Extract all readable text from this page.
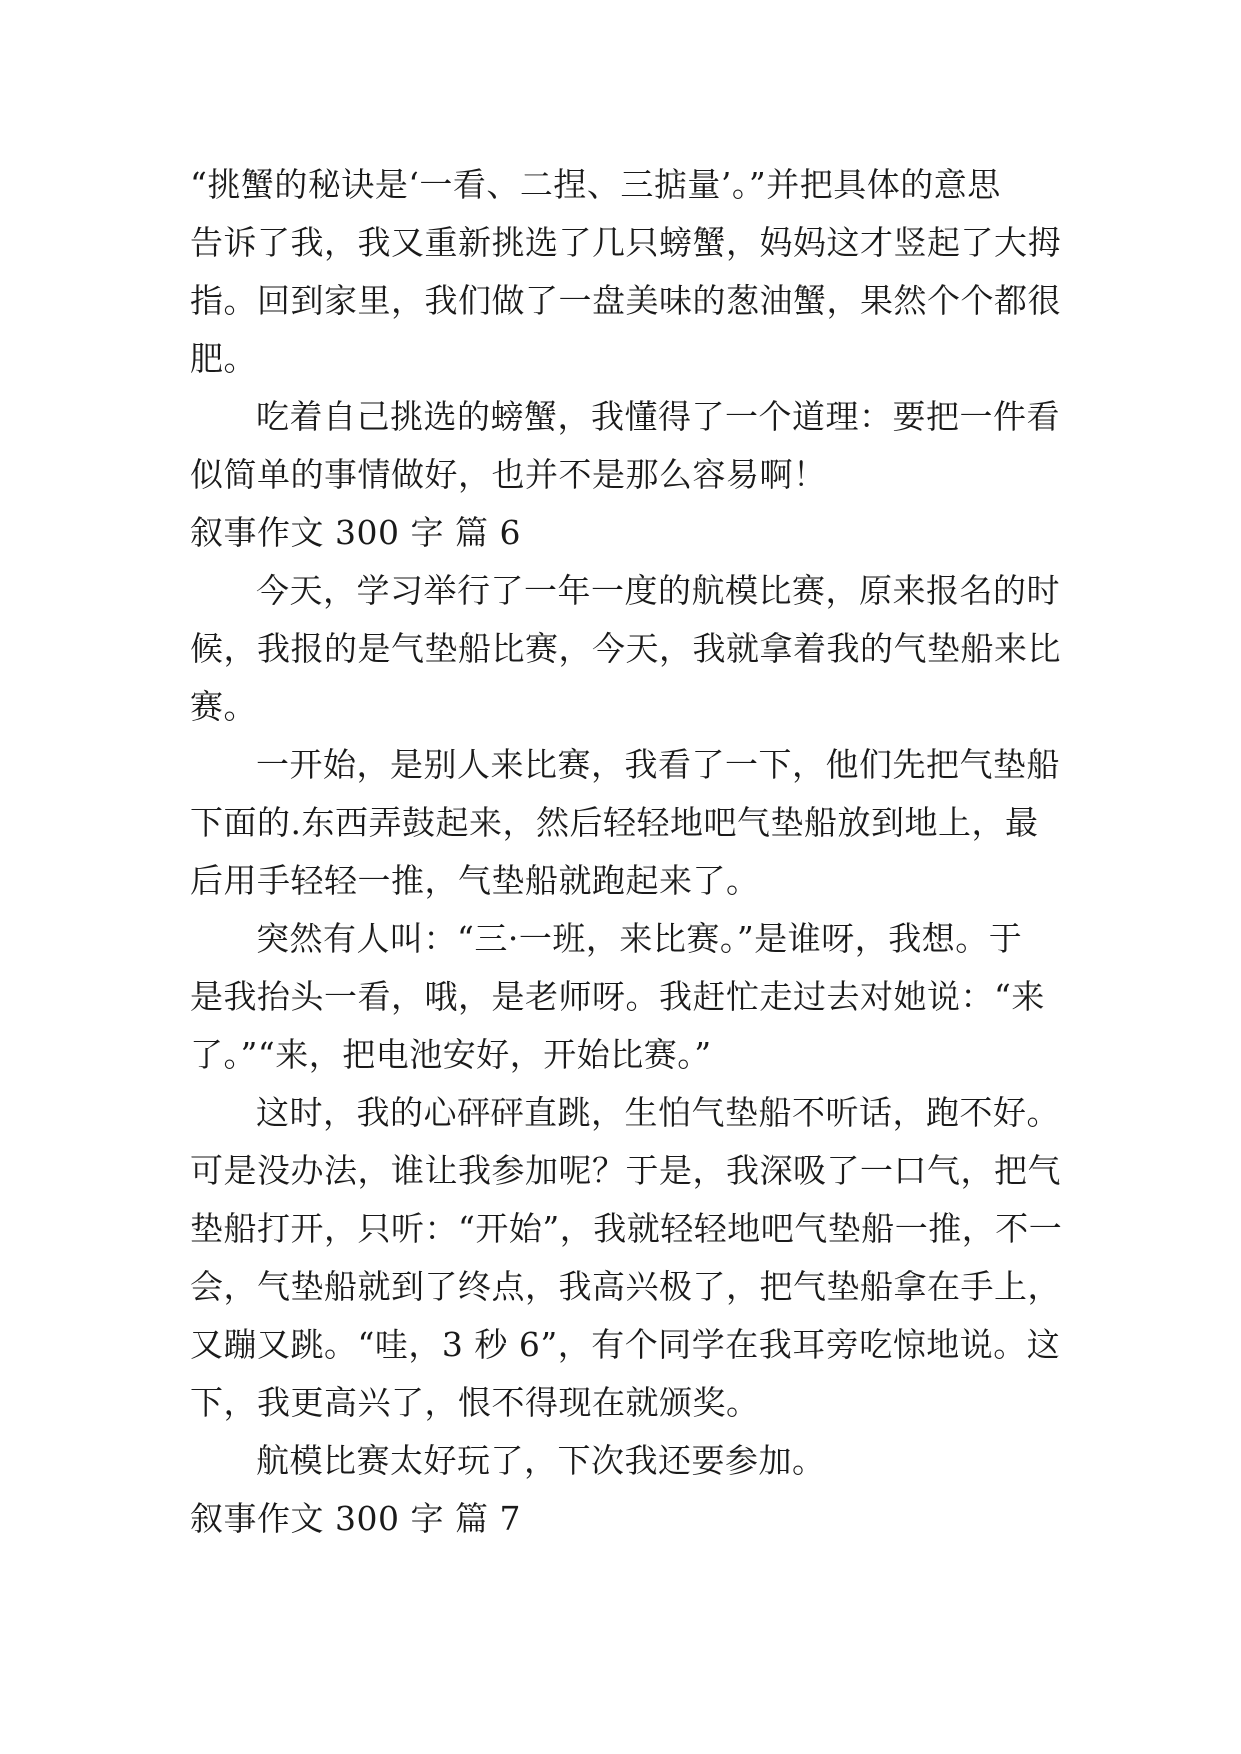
“挑蟹的秘诀是‘一看、二捏、三掂量’。”并把具体的意思
告诉了我，我又重新挑选了几只螃蟹，妈妈这才竖起了大拇
指。回到家里，我们做了一盘美味的葱油蟹，果然个个都很
肥。
吃着自己挑选的螃蟹，我懂得了一个道理：要把一件看
似简单的事情做好，也并不是那么容易啊！
叙事作文 300 字 篇 6
今天，学习举行了一年一度的航模比赛，原来报名的时
候，我报的是气垫船比赛，今天，我就拿着我的气垫船来比
赛。
一开始，是别人来比赛，我看了一下，他们先把气垫船
下面的.东西弄鼓起来，然后轻轻地吧气垫船放到地上，最
后用手轻轻一推，气垫船就跑起来了。
突然有人叫：“三·一班，来比赛。”是谁呀，我想。于
是我抬头一看，哦，是老师呀。我赶忙走过去对她说：“来
了。”“来，把电池安好，开始比赛。”
这时，我的心砰砰直跳，生怕气垫船不听话，跑不好。
可是没办法，谁让我参加呢？于是，我深吸了一口气，把气
垫船打开，只听：“开始”，我就轻轻地吧气垫船一推，不一
会，气垫船就到了终点，我高兴极了，把气垫船拿在手上，
又蹦又跳。“哇，3 秒 6”，有个同学在我耳旁吃惊地说。这
下，我更高兴了，恨不得现在就颁奖。
航模比赛太好玩了，下次我还要参加。
叙事作文 300 字 篇 7
